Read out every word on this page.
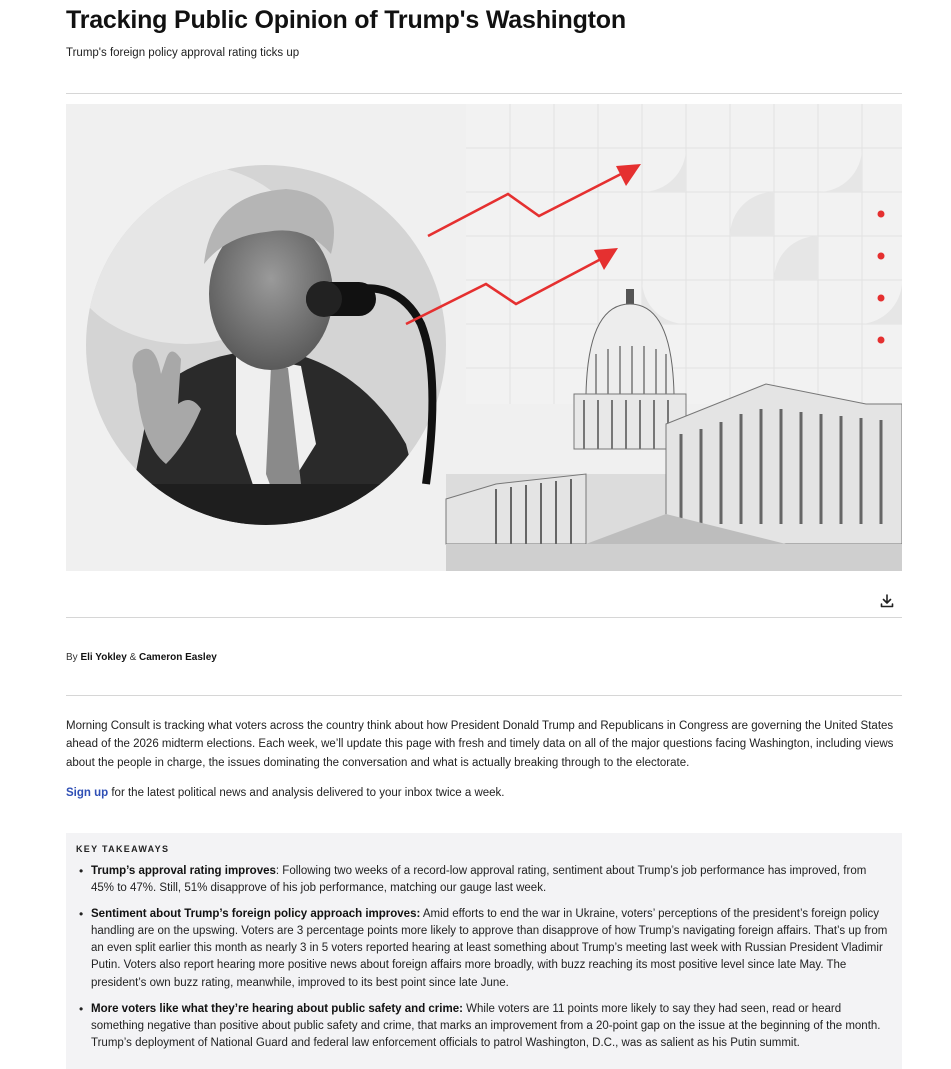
Tracking Public Opinion of Trump's Washington
Trump's foreign policy approval rating ticks up
By Eli Yokley & Cameron Easley

Morning Consult is tracking what voters across the country think about how President Donald Trump and Republicans in Congress are governing the United States ahead of the 2026 midterm elections. Each week, we’ll update this page with fresh and timely data on all of the major questions facing Washington, including views about the people in charge, the issues dominating the conversation and what is actually breaking through to the electorate.

Sign up for the latest political news and analysis delivered to your inbox twice a week.

KEY TAKEAWAYS
• Trump’s approval rating improves: Following two weeks of a record-low approval rating, sentiment about Trump’s job performance has improved, from 45% to 47%. Still, 51% disapprove of his job performance, matching our gauge last week.
• Sentiment about Trump’s foreign policy approach improves: Amid efforts to end the war in Ukraine, voters’ perceptions of the president’s foreign policy handling are on the upswing. Voters are 3 percentage points more likely to approve than disapprove of how Trump’s navigating foreign affairs. That’s up from an even split earlier this month as nearly 3 in 5 voters reported hearing at least something about Trump’s meeting last week with Russian President Vladimir Putin. Voters also report hearing more positive news about foreign affairs more broadly, with buzz reaching its most positive level since late May. The president’s own buzz rating, meanwhile, improved to its best point since late June.
• More voters like what they’re hearing about public safety and crime: While voters are 11 points more likely to say they had seen, read or heard something negative than positive about public safety and crime, that marks an improvement from a 20-point gap on the issue at the beginning of the month. Trump’s deployment of National Guard and federal law enforcement officials to patrol Washington, D.C., was as salient as his Putin summit.
